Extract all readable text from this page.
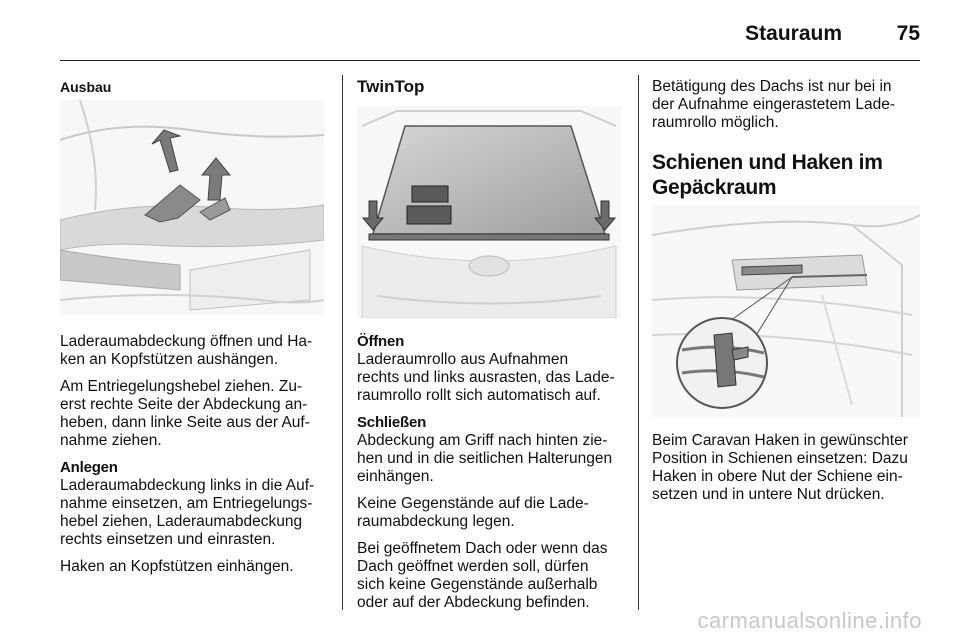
Stauraum	75
Ausbau

Laderaumabdeckung öffnen und Ha-
ken an Kopfstützen aushängen.

Am Entriegelungshebel ziehen. Zu-
erst rechte Seite der Abdeckung an-
heben, dann linke Seite aus der Auf-
nahme ziehen.

Anlegen

Laderaumabdeckung links in die Auf-
nahme einsetzen, am Entriegelungs-
hebel ziehen, Laderaumabdeckung
rechts einsetzen und einrasten.

Haken an Kopfstützen einhängen.

TwinTop
Öffnen

Laderaumrollo aus Aufnahmen
rechts und links ausrasten, das Lade-
raumrollo rollt sich automatisch auf.

Schließen

Abdeckung am Griff nach hinten zie-
hen und in die seitlichen Halterungen
einhängen.

Keine Gegenstände auf die Lade-
raumabdeckung legen.

Bei geöffnetem Dach oder wenn das
Dach geöffnet werden soll, dürfen
sich keine Gegenstände außerhalb
oder auf der Abdeckung befinden.

Betätigung des Dachs ist nur bei in
der Aufnahme eingerastetem Lade-
raumrollo möglich.

Schienen und Haken im
Gepäckraum

Beim Caravan Haken in gewünschter
Position in Schienen einsetzen: Dazu
Haken in obere Nut der Schiene ein-
setzen und in untere Nut drücken.

carmanualsonline.info
